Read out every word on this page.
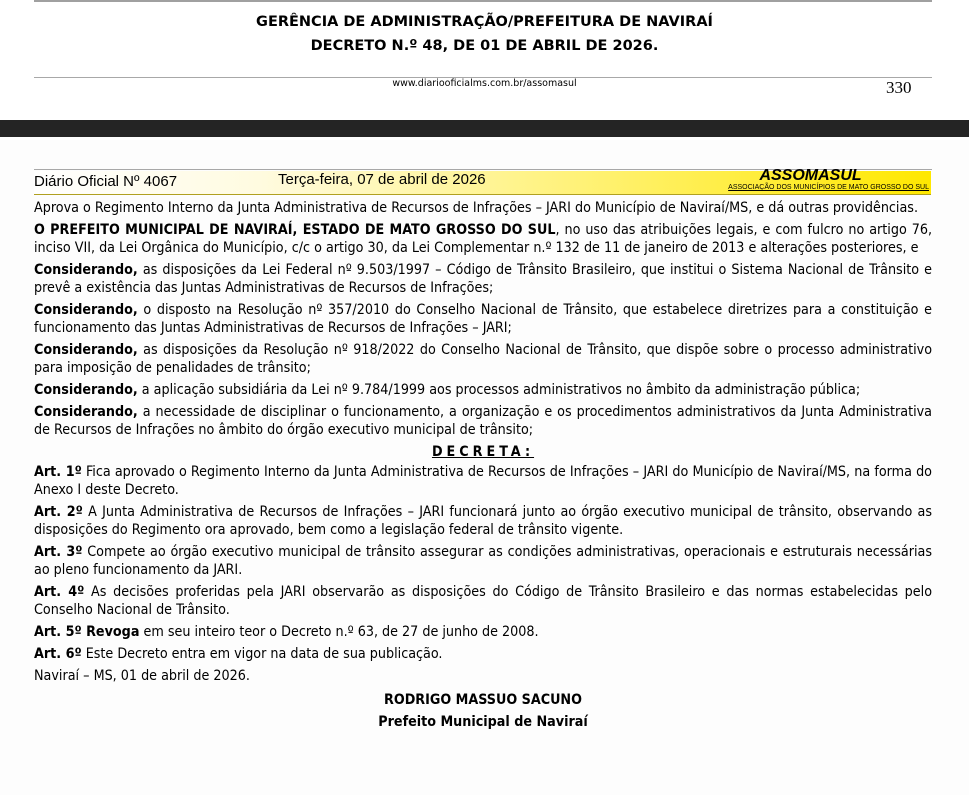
GERÊNCIA DE ADMINISTRAÇÃO/PREFEITURA DE NAVIRAÍ
DECRETO N.º 48, DE 01 DE ABRIL DE 2026.
www.diariooficialms.com.br/assomasul	330
Diário Oficial Nº 4067	Terça-feira, 07 de abril de 2026	ASSOMASUL
ASSOCIAÇÃO DOS MUNICÍPIOS DE MATO GROSSO DO SUL

Aprova o Regimento Interno da Junta Administrativa de Recursos de Infrações – JARI do Município de Naviraí/MS, e dá outras providências.

O PREFEITO MUNICIPAL DE NAVIRAÍ, ESTADO DE MATO GROSSO DO SUL, no uso das atribuições legais, e com fulcro no artigo 76, inciso VII, da Lei Orgânica do Município, c/c o artigo 30, da Lei Complementar n.º 132 de 11 de janeiro de 2013 e alterações posteriores, e

Considerando, as disposições da Lei Federal nº 9.503/1997 – Código de Trânsito Brasileiro, que institui o Sistema Nacional de Trânsito e prevê a existência das Juntas Administrativas de Recursos de Infrações;

Considerando, o disposto na Resolução nº 357/2010 do Conselho Nacional de Trânsito, que estabelece diretrizes para a constituição e funcionamento das Juntas Administrativas de Recursos de Infrações – JARI;

Considerando, as disposições da Resolução nº 918/2022 do Conselho Nacional de Trânsito, que dispõe sobre o processo administrativo para imposição de penalidades de trânsito;

Considerando, a aplicação subsidiária da Lei nº 9.784/1999 aos processos administrativos no âmbito da administração pública;

Considerando, a necessidade de disciplinar o funcionamento, a organização e os procedimentos administrativos da Junta Administrativa de Recursos de Infrações no âmbito do órgão executivo municipal de trânsito;

DECRETA:

Art. 1º Fica aprovado o Regimento Interno da Junta Administrativa de Recursos de Infrações – JARI do Município de Naviraí/MS, na forma do Anexo I deste Decreto.

Art. 2º A Junta Administrativa de Recursos de Infrações – JARI funcionará junto ao órgão executivo municipal de trânsito, observando as disposições do Regimento ora aprovado, bem como a legislação federal de trânsito vigente.

Art. 3º Compete ao órgão executivo municipal de trânsito assegurar as condições administrativas, operacionais e estruturais necessárias ao pleno funcionamento da JARI.

Art. 4º As decisões proferidas pela JARI observarão as disposições do Código de Trânsito Brasileiro e das normas estabelecidas pelo Conselho Nacional de Trânsito.

Art. 5º Revoga em seu inteiro teor o Decreto n.º 63, de 27 de junho de 2008.

Art. 6º Este Decreto entra em vigor na data de sua publicação.

Naviraí – MS, 01 de abril de 2026.

RODRIGO MASSUO SACUNO

Prefeito Municipal de Naviraí
